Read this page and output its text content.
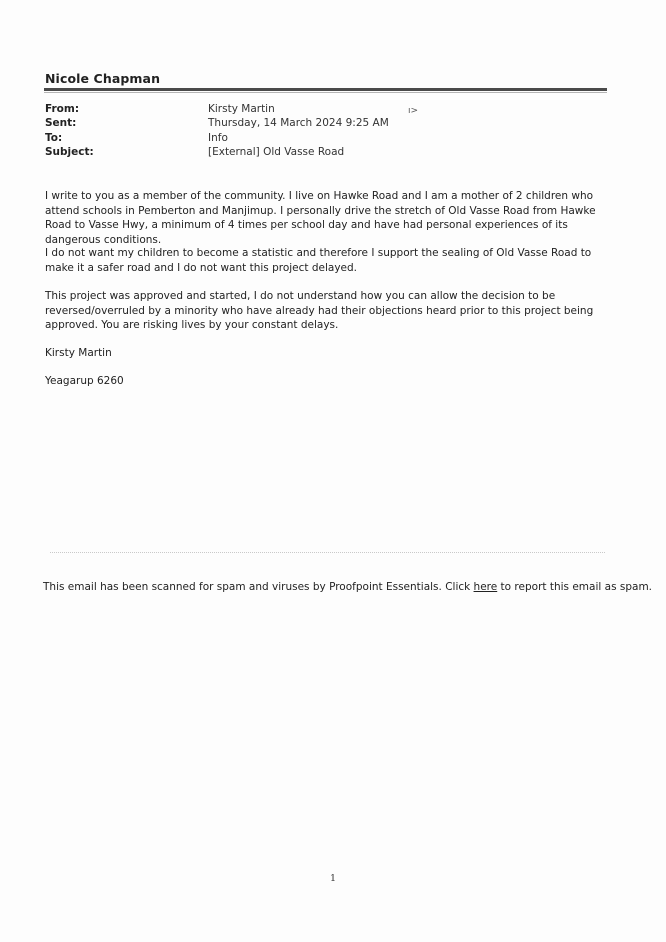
Nicole Chapman
From:	Kirsty Martin	ı>
Sent:	Thursday, 14 March 2024 9:25 AM
To:	Info
Subject:	[External] Old Vasse Road

I write to you as a member of the community. I live on Hawke Road and I am a mother of 2 children who attend schools in Pemberton and Manjimup. I personally drive the stretch of Old Vasse Road from Hawke Road to Vasse Hwy, a minimum of 4 times per school day and have had personal experiences of its dangerous conditions.

I do not want my children to become a statistic and therefore I support the sealing of Old Vasse Road to make it a safer road and I do not want this project delayed.

This project was approved and started, I do not understand how you can allow the decision to be reversed/overruled by a minority who have already had their objections heard prior to this project being approved. You are risking lives by your constant delays.

Kirsty Martin

Yeagarup 6260

This email has been scanned for spam and viruses by Proofpoint Essentials. Click here to report this email as spam.
1
